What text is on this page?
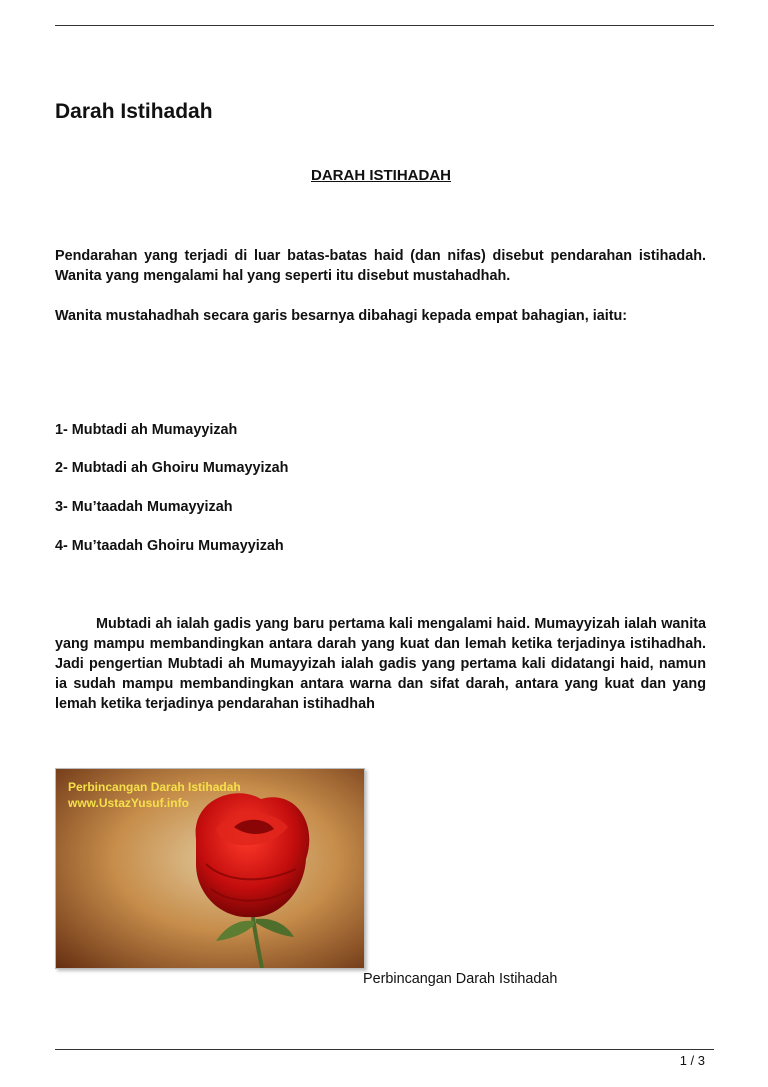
Darah Istihadah

DARAH ISTIHADAH

Pendarahan yang terjadi di luar batas-batas haid (dan nifas) disebut pendarahan istihadah. Wanita yang mengalami hal yang seperti itu disebut mustahadhah.

Wanita mustahadhah secara garis besarnya dibahagi kepada empat bahagian, iaitu:

1- Mubtadi ah Mumayyizah

2- Mubtadi ah Ghoiru Mumayyizah

3- Mu’taadah Mumayyizah

4- Mu’taadah Ghoiru Mumayyizah

Mubtadi ah ialah gadis yang baru pertama kali mengalami haid. Mumayyizah ialah wanita yang mampu membandingkan antara darah yang kuat dan lemah ketika terjadinya istihadhah. Jadi pengertian Mubtadi ah Mumayyizah ialah gadis yang pertama kali didatangi haid, namun ia sudah mampu membandingkan antara warna dan sifat darah, antara yang kuat dan yang lemah ketika terjadinya pendarahan istihadhah

Perbincangan Darah Istihadah
www.UstazYusuf.info

Perbincangan Darah Istihadah

1 / 3
